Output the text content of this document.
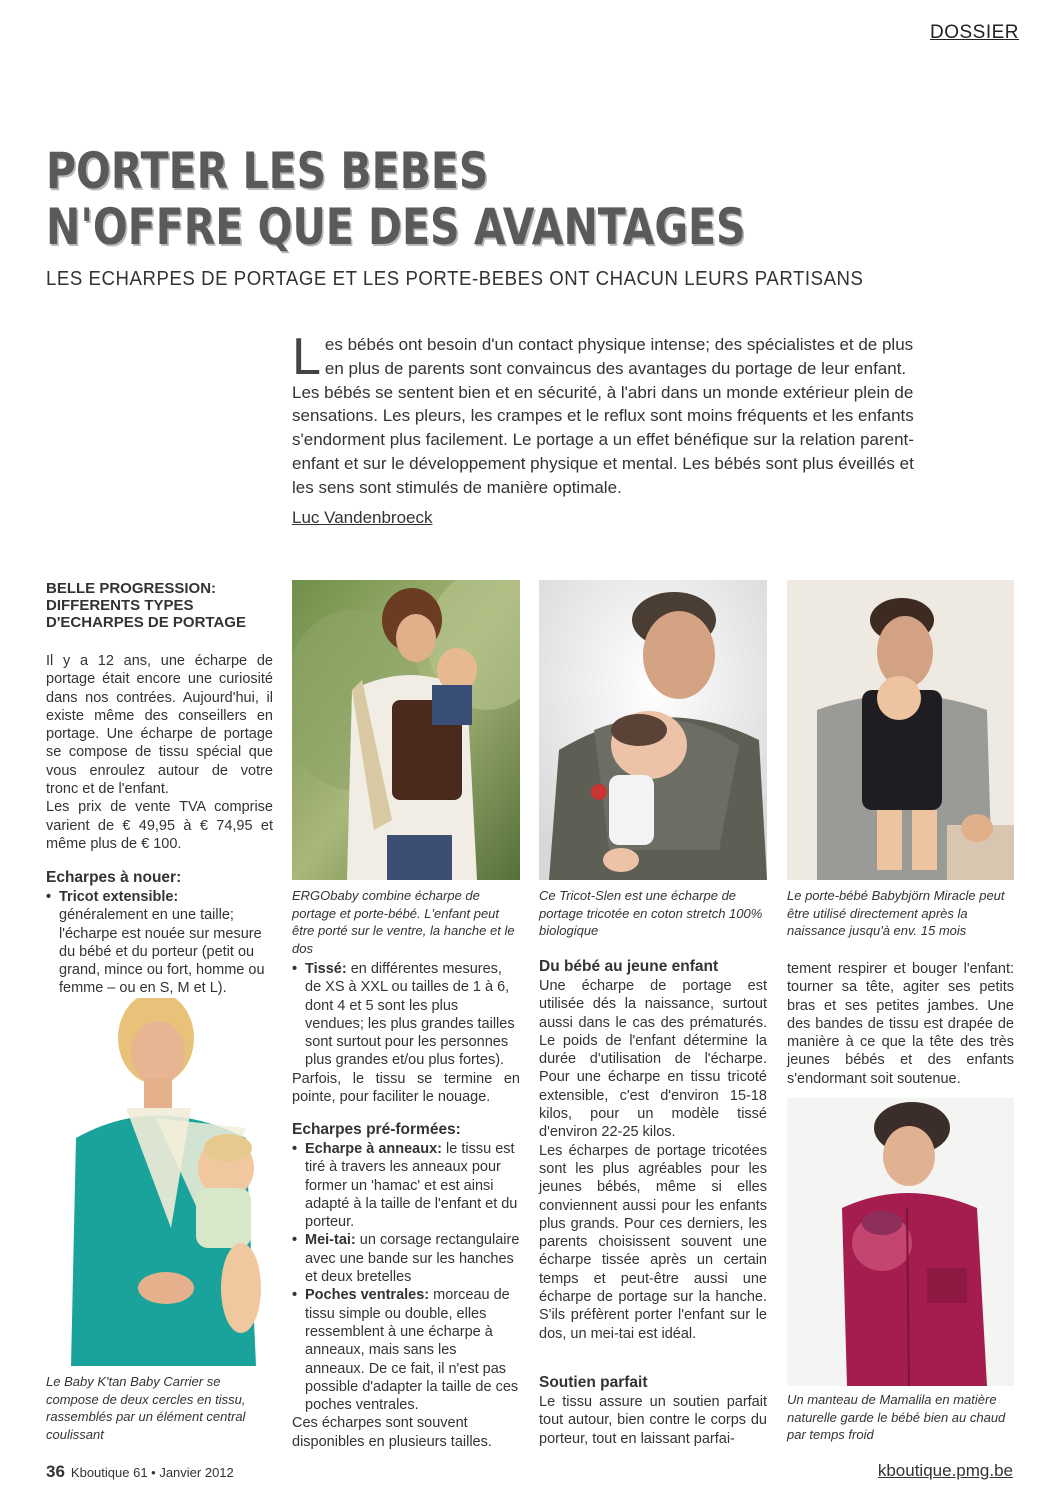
DOSSIER
PORTER LES BEBES
N'OFFRE QUE DES AVANTAGES
LES ECHARPES DE PORTAGE ET LES PORTE-BEBES ONT CHACUN LEURS PARTISANS
Les bébés ont besoin d'un contact physique intense; des spécialistes et de plus en plus de parents sont convaincus des avantages du portage de leur enfant. Les bébés se sentent bien et en sécurité, à l'abri dans un monde extérieur plein de sensations. Les pleurs, les crampes et le reflux sont moins fréquents et les enfants s'endorment plus facilement. Le portage a un effet bénéfique sur la relation parent-enfant et sur le développement physique et mental. Les bébés sont plus éveillés et les sens sont stimulés de manière optimale.
Luc Vandenbroeck
BELLE PROGRESSION: DIFFERENTS TYPES D'ECHARPES DE PORTAGE
Il y a 12 ans, une écharpe de portage était encore une curiosité dans nos contrées. Aujourd'hui, il existe même des conseillers en portage. Une écharpe de portage se compose de tissu spécial que vous enroulez autour de votre tronc et de l'enfant.
Les prix de vente TVA comprise varient de € 49,95 à € 74,95 et même plus de € 100.
Echarpes à nouer:
• Tricot extensible: généralement en une taille; l'écharpe est nouée sur mesure du bébé et du porteur (petit ou grand, mince ou fort, homme ou femme – ou en S, M et L).
Le Baby K'tan Baby Carrier se compose de deux cercles en tissu, rassemblés par un élément central coulissant
ERGObaby combine écharpe de portage et porte-bébé. L'enfant peut être porté sur le ventre, la hanche et le dos
• Tissé: en différentes mesures, de XS à XXL ou tailles de 1 à 6, dont 4 et 5 sont les plus vendues; les plus grandes tailles sont surtout pour les personnes plus grandes et/ou plus fortes).
Parfois, le tissu se termine en pointe, pour faciliter le nouage.
Echarpes pré-formées:
• Echarpe à anneaux: le tissu est tiré à travers les anneaux pour former un 'hamac' et est ainsi adapté à la taille de l'enfant et du porteur.
• Mei-tai: un corsage rectangulaire avec une bande sur les hanches et deux bretelles
• Poches ventrales: morceau de tissu simple ou double, elles ressemblent à une écharpe à anneaux, mais sans les anneaux. De ce fait, il n'est pas possible d'adapter la taille de ces poches ventrales.
Ces écharpes sont souvent disponibles en plusieurs tailles.
Ce Tricot-Slen est une écharpe de portage tricotée en coton stretch 100% biologique
Du bébé au jeune enfant
Une écharpe de portage est utilisée dés la naissance, surtout aussi dans le cas des prématurés. Le poids de l'enfant détermine la durée d'utilisation de l'écharpe. Pour une écharpe en tissu tricoté extensible, c'est d'environ 15-18 kilos, pour un modèle tissé d'environ 22-25 kilos.
Les écharpes de portage tricotées sont les plus agréables pour les jeunes bébés, même si elles conviennent aussi pour les enfants plus grands. Pour ces derniers, les parents choisissent souvent une écharpe tissée après un certain temps et peut-être aussi une écharpe de portage sur la hanche. S'ils préfèrent porter l'enfant sur le dos, un mei-tai est idéal.
Soutien parfait
Le tissu assure un soutien parfait tout autour, bien contre le corps du porteur, tout en laissant parfai-
Le porte-bébé Babybjörn Miracle peut être utilisé directement après la naissance jusqu'à env. 15 mois
tement respirer et bouger l'enfant: tourner sa tête, agiter ses petits bras et ses petites jambes. Une des bandes de tissu est drapée de manière à ce que la tête des très jeunes bébés et des enfants s'endormant soit soutenue.
Un manteau de Mamalila en matière naturelle garde le bébé bien au chaud par temps froid
36 Kboutique 61 • Janvier 2012	kboutique.pmg.be
